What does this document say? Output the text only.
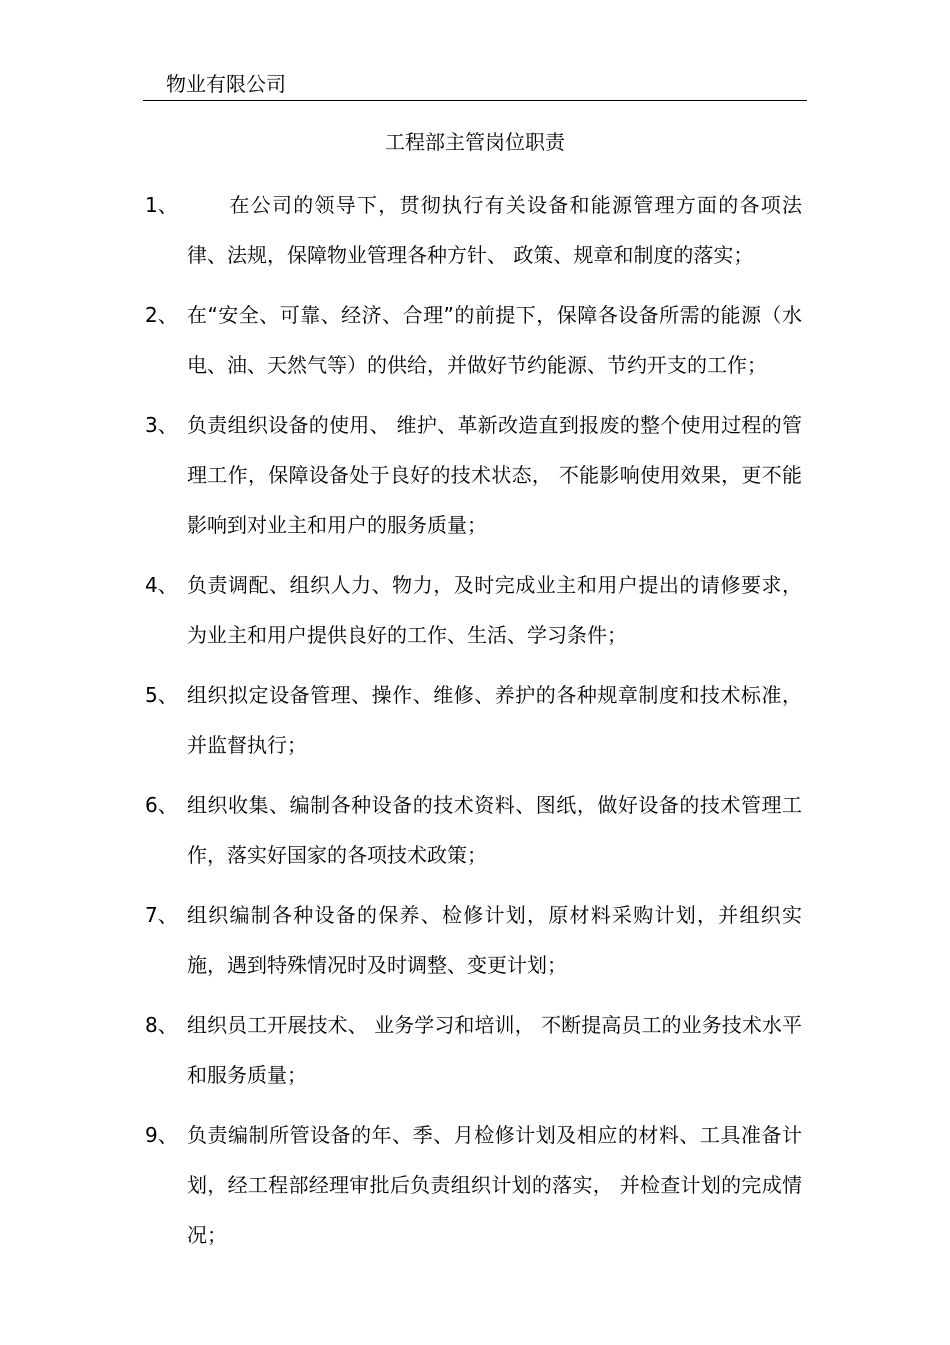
物业有限公司
工程部主管岗位职责
1、 　　在公司的领导下，贯彻执行有关设备和能源管理方面的各项法律、法规，保障物业管理各种方针、 政策、规章和制度的落实；
2、 在“安全、可靠、经济、合理”的前提下，保障各设备所需的能源（水电、油、天然气等）的供给，并做好节约能源、节约开支的工作；
3、 负责组织设备的使用、 维护、革新改造直到报废的整个使用过程的管理工作，保障设备处于良好的技术状态， 不能影响使用效果，更不能影响到对业主和用户的服务质量；
4、 负责调配、组织人力、物力，及时完成业主和用户提出的请修要求，为业主和用户提供良好的工作、生活、学习条件；
5、 组织拟定设备管理、操作、维修、养护的各种规章制度和技术标准，并监督执行；
6、 组织收集、编制各种设备的技术资料、图纸，做好设备的技术管理工作，落实好国家的各项技术政策；
7、 组织编制各种设备的保养、检修计划，原材料采购计划，并组织实施，遇到特殊情况时及时调整、变更计划；
8、 组织员工开展技术、 业务学习和培训， 不断提高员工的业务技术水平和服务质量；
9、 负责编制所管设备的年、季、月检修计划及相应的材料、工具准备计划，经工程部经理审批后负责组织计划的落实， 并检查计划的完成情况；
